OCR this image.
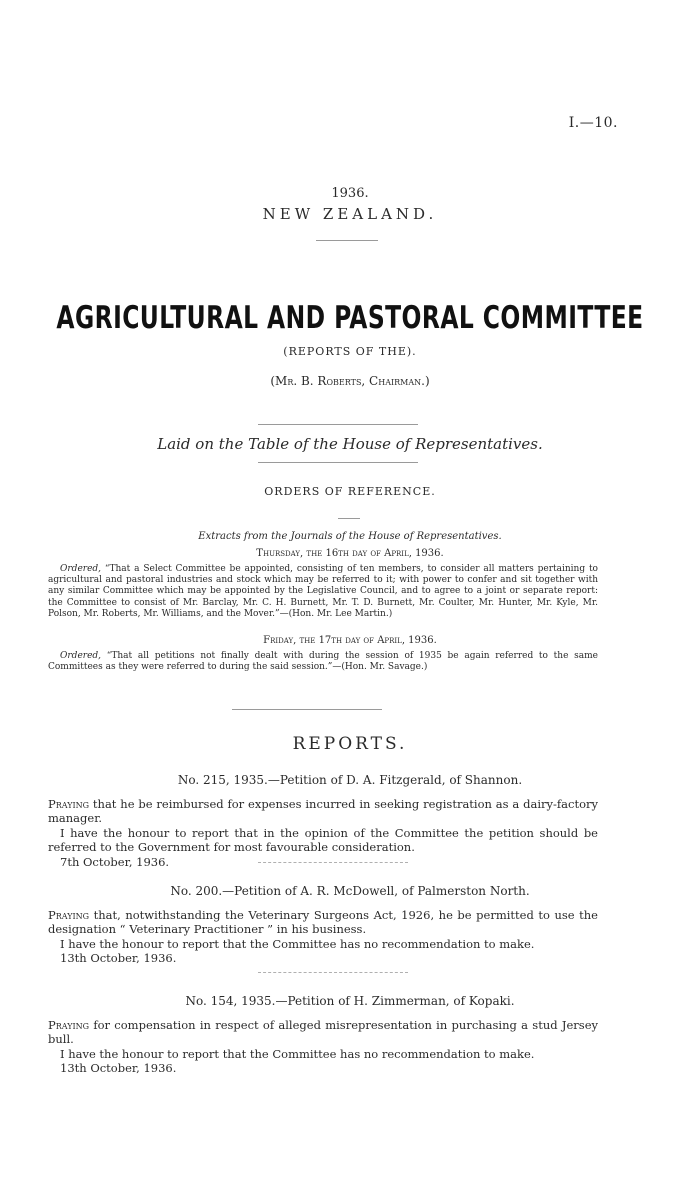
I.—10.
1936.
NEW ZEALAND.
AGRICULTURAL AND PASTORAL COMMITTEE
(REPORTS OF THE).
(Mr. B. Roberts, Chairman.)
Laid on the Table of the House of Representatives.
ORDERS OF REFERENCE.
Extracts from the Journals of the House of Representatives.
Thursday, the 16th day of April, 1936.
Ordered, “That a Select Committee be appointed, consisting of ten members, to consider all matters pertaining to agricultural and pastoral industries and stock which may be referred to it; with power to confer and sit together with any similar Committee which may be appointed by the Legislative Council, and to agree to a joint or separate report: the Committee to consist of Mr. Barclay, Mr. C. H. Burnett, Mr. T. D. Burnett, Mr. Coulter, Mr. Hunter, Mr. Kyle, Mr. Polson, Mr. Roberts, Mr. Williams, and the Mover.”—(Hon. Mr. Lee Martin.)
Friday, the 17th day of April, 1936.
Ordered, “That all petitions not finally dealt with during the session of 1935 be again referred to the same Committees as they were referred to during the said session.”—(Hon. Mr. Savage.)
REPORTS.
No. 215, 1935.—Petition of D. A. Fitzgerald, of Shannon.

Praying that he be reimbursed for expenses incurred in seeking registration as a dairy-factory manager.

I have the honour to report that in the opinion of the Committee the petition should be referred to the Government for most favourable consideration.

7th October, 1936.

No. 200.—Petition of A. R. McDowell, of Palmerston North.

Praying that, notwithstanding the Veterinary Surgeons Act, 1926, he be permitted to use the designation “ Veterinary Practitioner ” in his business.

I have the honour to report that the Committee has no recommendation to make.

13th October, 1936.

No. 154, 1935.—Petition of H. Zimmerman, of Kopaki.

Praying for compensation in respect of alleged misrepresentation in purchasing a stud Jersey bull.

I have the honour to report that the Committee has no recommendation to make.

13th October, 1936.
